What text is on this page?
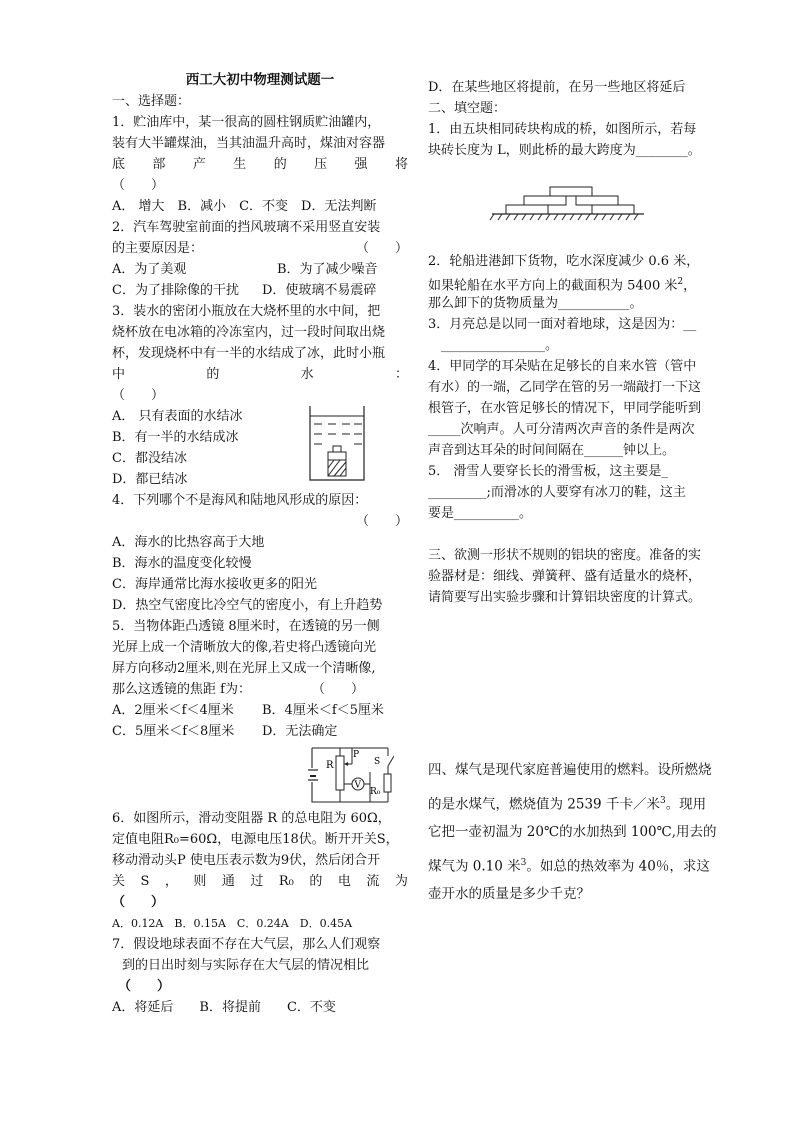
西工大初中物理测试题一
一、选择题：
1．贮油库中，某一很高的圆柱钢质贮油罐内，
装有大半罐煤油，当其油温升高时，煤油对容器
底 部 产 生 的 压 强 将
（　　）
A． 增大　B．减小　C．不变　D．无法判断
2．汽车驾驶室前面的挡风玻璃不采用竖直安装
的主要原因是：	（　　）
A．为了美观	B．为了减少噪音
C．为了排除像的干扰 D．使玻璃不易震碎
3．装水的密闭小瓶放在大烧杯里的水中间，把
烧杯放在电冰箱的冷冻室内，过一段时间取出烧
杯，发现烧杯中有一半的水结成了冰，此时小瓶
中	的	水	：
（　　）
A． 只有表面的水结冰
B．有一半的水结成冰
C．都没结冰
D．都已结冰
4．下列哪个不是海风和陆地风形成的原因：
（　　）
A．海水的比热容高于大地
B．海水的温度变化较慢
C．海岸通常比海水接收更多的阳光
D．热空气密度比冷空气的密度小，有上升趋势
5．当物体距凸透镜 8厘米时，在透镜的另一侧
光屏上成一个清晰放大的像,若史将凸透镜向光
屏方向移动2厘米,则在光屏上又成一个清晰像,
那么这透镜的焦距 f为：	（　　）
A．2厘米＜f＜4厘米 B．4厘米＜f＜5厘米
C．5厘米＜f＜8厘米 D．无法确定
R
P
V
S
R₀
6．如图所示，滑动变阻器 R 的总电阻为 60Ω，
定值电阻R₀=60Ω，电源电压18伏。断开开关S，
移动滑动头P 使电压表示数为9伏，然后闭合开
关 S ， 则 通 过 R₀ 的 电 流 为
（　　）
A．0.12A　B．0.15A　C．0.24A　D．0.45A
7．假设地球表面不存在大气层，那么人们观察
到的日出时刻与实际存在大气层的情况相比
（　　）
A．将延后　　B．将提前　　C．不变
D．在某些地区将提前，在另一些地区将延后
二、填空题：
1．由五块相同砖块构成的桥，如图所示，若每
块砖长度为 L，则此桥的最大跨度为________。
2．轮船进港卸下货物，吃水深度减少 0.6 米，
如果轮船在水平方向上的截面积为 5400 米$^2$，
那么卸下的货物质量为___________。
3．月亮总是以同一面对着地球，这是因为：__
　________________。
4．甲同学的耳朵贴在足够长的自来水管（管中
有水）的一端，乙同学在管的另一端敲打一下这
根管子，在水管足够长的情况下，甲同学能听到
_____次响声。人可分清两次声音的条件是两次
声音到达耳朵的时间间隔在______钟以上。
5． 滑雪人要穿长长的滑雪板，这主要是_
_________;而滑冰的人要穿有冰刀的鞋，这主
要是__________。
三、欲测一形状不规则的铝块的密度。准备的实
验器材是：细线、弹簧秤、盛有适量水的烧杯，
请简要写出实验步骤和计算铝块密度的计算式。
四、煤气是现代家庭普遍使用的燃料。设所燃烧
的是水煤气，燃烧值为 2539 千卡／米$^3$。现用
它把一壶初温为 20℃的水加热到 100℃,用去的
煤气为 0.10 米$^3$。如总的热效率为 40％，求这
壶开水的质量是多少千克？
